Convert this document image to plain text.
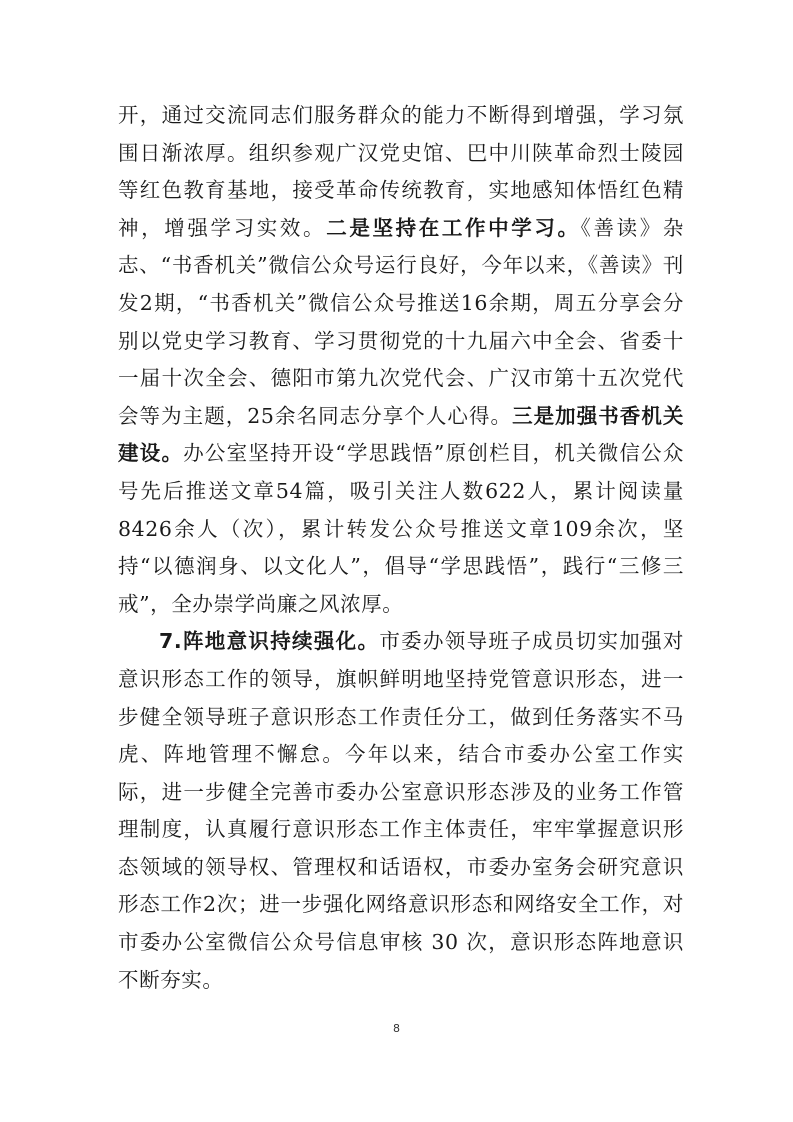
开，通过交流同志们服务群众的能力不断得到增强，学习氛围日渐浓厚。组织参观广汉党史馆、巴中川陕革命烈士陵园等红色教育基地，接受革命传统教育，实地感知体悟红色精神，增强学习实效。二是坚持在工作中学习。《善读》杂志、“书香机关”微信公众号运行良好，今年以来，《善读》刊发2期，“书香机关”微信公众号推送16余期，周五分享会分别以党史学习教育、学习贯彻党的十九届六中全会、省委十一届十次全会、德阳市第九次党代会、广汉市第十五次党代会等为主题，25余名同志分享个人心得。三是加强书香机关建设。办公室坚持开设“学思践悟”原创栏目，机关微信公众号先后推送文章54篇，吸引关注人数622人，累计阅读量8426余人（次），累计转发公众号推送文章109余次，坚持“以德润身、以文化人”，倡导“学思践悟”，践行“三修三戒”，全办崇学尚廉之风浓厚。

7.阵地意识持续强化。市委办领导班子成员切实加强对意识形态工作的领导，旗帜鲜明地坚持党管意识形态，进一步健全领导班子意识形态工作责任分工，做到任务落实不马虎、阵地管理不懈怠。今年以来，结合市委办公室工作实际，进一步健全完善市委办公室意识形态涉及的业务工作管理制度，认真履行意识形态工作主体责任，牢牢掌握意识形态领域的领导权、管理权和话语权，市委办室务会研究意识形态工作2次；进一步强化网络意识形态和网络安全工作，对市委办公室微信公众号信息审核 30 次，意识形态阵地意识不断夯实。

8
